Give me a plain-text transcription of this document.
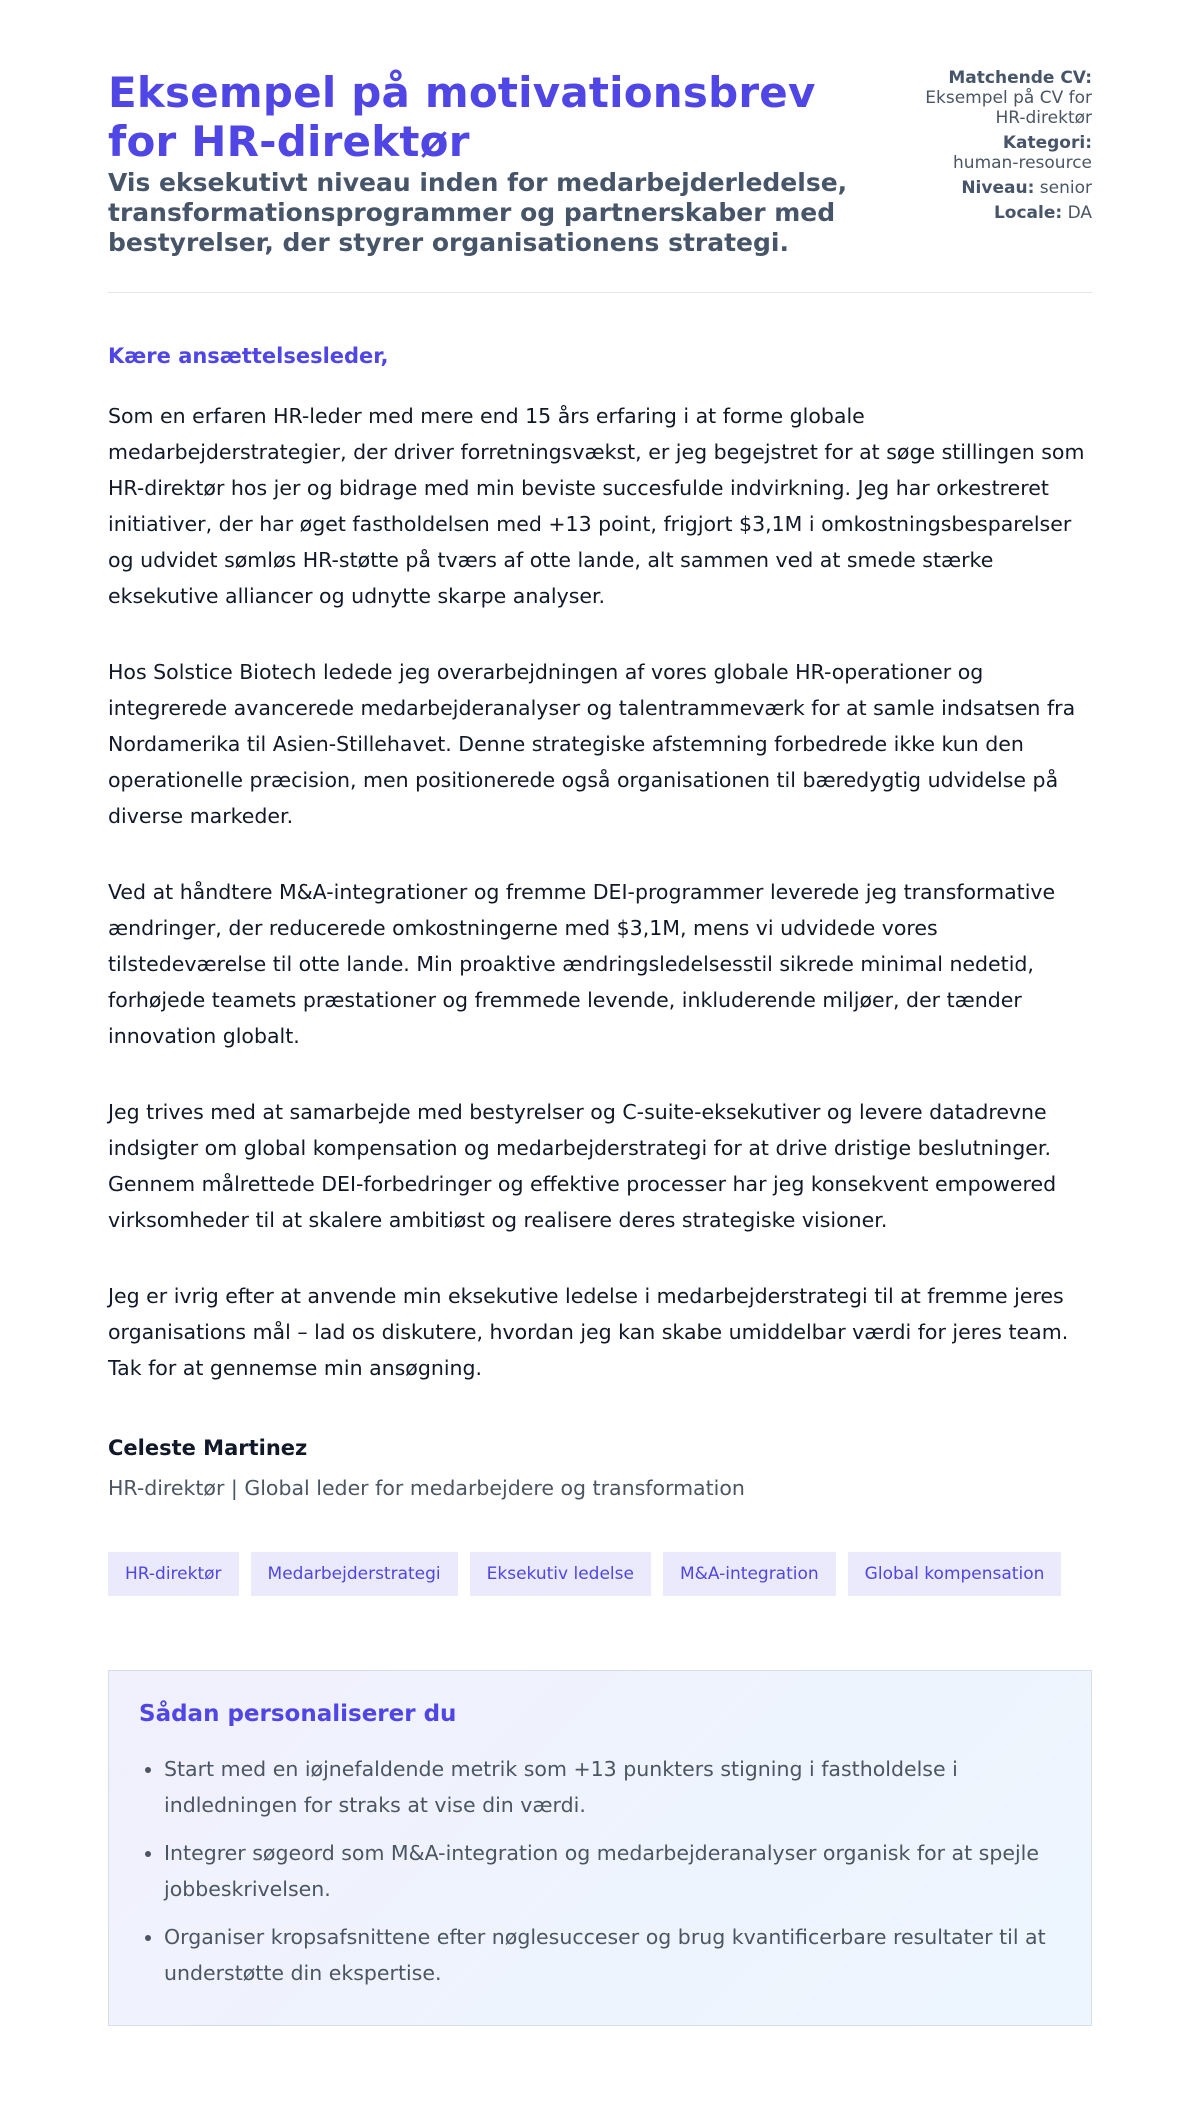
Eksempel på motivationsbrev for HR-direktør
Vis eksekutivt niveau inden for medarbejderledelse, transformationsprogrammer og partnerskaber med bestyrelser, der styrer organisationens strategi.
Matchende CV:
Eksempel på CV for HR-direktør
Kategori:
human-resource
Niveau: senior
Locale: DA

Kære ansættelsesleder,

Som en erfaren HR-leder med mere end 15 års erfaring i at forme globale medarbejderstrategier, der driver forretningsvækst, er jeg begejstret for at søge stillingen som HR-direktør hos jer og bidrage med min beviste succesfulde indvirkning. Jeg har orkestreret initiativer, der har øget fastholdelsen med +13 point, frigjort $3,1M i omkostningsbesparelser og udvidet sømløs HR-støtte på tværs af otte lande, alt sammen ved at smede stærke eksekutive alliancer og udnytte skarpe analyser.

Hos Solstice Biotech ledede jeg overarbejdningen af vores globale HR-operationer og integrerede avancerede medarbejderanalyser og talentrammeværk for at samle indsatsen fra Nordamerika til Asien-Stillehavet. Denne strategiske afstemning forbedrede ikke kun den operationelle præcision, men positionerede også organisationen til bæredygtig udvidelse på diverse markeder.

Ved at håndtere M&A-integrationer og fremme DEI-programmer leverede jeg transformative ændringer, der reducerede omkostningerne med $3,1M, mens vi udvidede vores tilstedeværelse til otte lande. Min proaktive ændringsledelsesstil sikrede minimal nedetid, forhøjede teamets præstationer og fremmede levende, inkluderende miljøer, der tænder innovation globalt.

Jeg trives med at samarbejde med bestyrelser og C-suite-eksekutiver og levere datadrevne indsigter om global kompensation og medarbejderstrategi for at drive dristige beslutninger. Gennem målrettede DEI-forbedringer og effektive processer har jeg konsekvent empowered virksomheder til at skalere ambitiøst og realisere deres strategiske visioner.

Jeg er ivrig efter at anvende min eksekutive ledelse i medarbejderstrategi til at fremme jeres organisations mål – lad os diskutere, hvordan jeg kan skabe umiddelbar værdi for jeres team. Tak for at gennemse min ansøgning.

Celeste Martinez
HR-direktør | Global leder for medarbejdere og transformation
HR-direktør	Medarbejderstrategi	Eksekutiv ledelse	M&A-integration	Global kompensation
Sådan personaliserer du
• Start med en iøjnefaldende metrik som +13 punkters stigning i fastholdelse i indledningen for straks at vise din værdi.
• Integrer søgeord som M&A-integration og medarbejderanalyser organisk for at spejle jobbeskrivelsen.
• Organiser kropsafsnittene efter nøglesucceser og brug kvantificerbare resultater til at understøtte din ekspertise.
